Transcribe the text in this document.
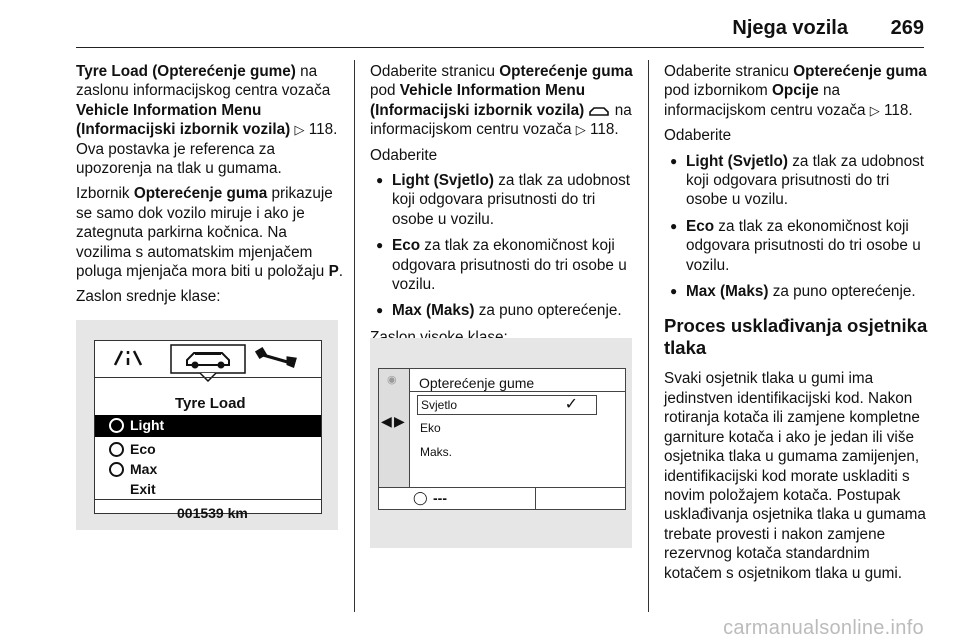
Njega vozila 269

Tyre Load (Opterećenje gume) na zaslonu informacijskog centra vozača Vehicle Information Menu (Informacijski izbornik vozila) ▷ 118. Ova postavka je referenca za upozorenja na tlak u gumama.

Izbornik Opterećenje guma prikazuje se samo dok vozilo miruje i ako je zategnuta parkirna kočnica. Na vozilima s automatskim mjenjačem poluga mjenjača mora biti u položaju P.

Zaslon srednje klase:

Tyre Load
Light
Eco
Max
Exit
001539 km

Odaberite stranicu Opterećenje guma pod Vehicle Information Menu (Informacijski izbornik vozila)  na informacijskom centru vozača ▷ 118.

Odaberite

● Light (Svjetlo) za tlak za udobnost koji odgovara prisutnosti do tri osobe u vozilu.
● Eco za tlak za ekonomičnost koji odgovara prisutnosti do tri osobe u vozilu.
● Max (Maks) za puno opterećenje.

◉
◀ ▶
Opterećenje gume
Svjetlo	✓
Eko
Maks.
◯ ---

Odaberite stranicu Opterećenje guma pod izbornikom Opcije na informacijskom centru vozača ▷ 118.

Odaberite

● Light (Svjetlo) za tlak za udobnost koji odgovara prisutnosti do tri osobe u vozilu.
● Eco za tlak za ekonomičnost koji odgovara prisutnosti do tri osobe u vozilu.
● Max (Maks) za puno opterećenje.
Proces usklađivanja osjetnika tlaka

Svaki osjetnik tlaka u gumi ima jedinstven identifikacijski kod. Nakon rotiranja kotača ili zamjene kompletne garniture kotača i ako je jedan ili više osjetnika tlaka u gumama zamijenjen, identifikacijski kod morate uskladiti s novim položajem kotača. Postupak usklađivanja osjetnika tlaka u gumama trebate provesti i nakon zamjene rezervnog kotača standardnim kotačem s osjetnikom tlaka u gumi.

carmanualsonline.info
